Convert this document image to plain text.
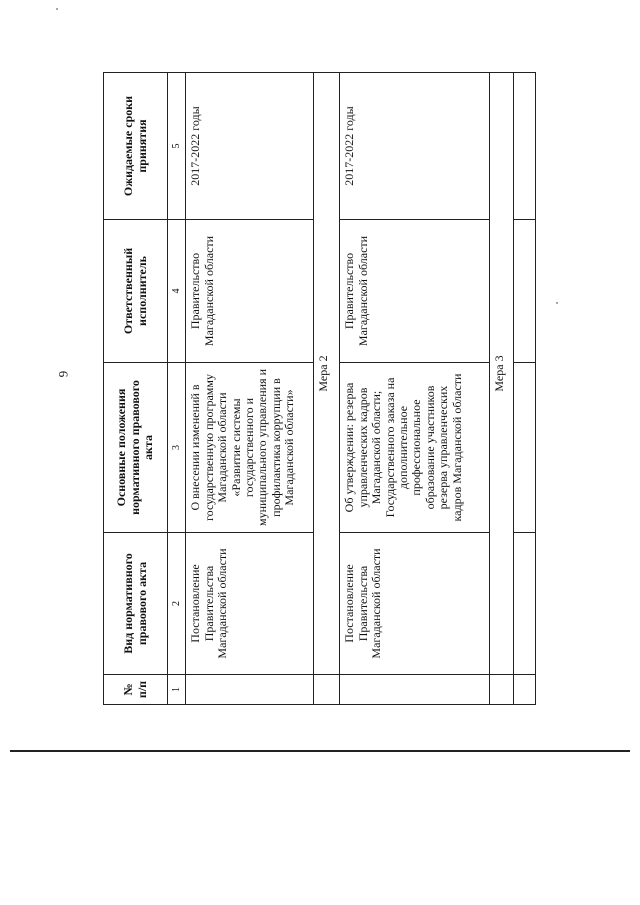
6
№ п/п	Вид нормативного правового акта	Основные положения нормативного правового акта	Ответственный исполнитель	Ожидаемые сроки принятия
1	2	3	4	5
	Постановление Правительства Магаданской области	О внесении изменений в государственную программу Магаданской области «Развитие системы государственного и муниципального управления и профилактика коррупции в Магаданской области»	Правительство Магаданской области	2017-2022 годы
	Мера 2			
	Постановление Правительства Магаданской области	Об утверждении: резерва управленческих кадров Магаданской области; Государственного заказа на дополнительное профессиональное образование участников резерва управленческих кадров Магаданской области	Правительство Магаданской области	2017-2022 годы
	Мера 3			
